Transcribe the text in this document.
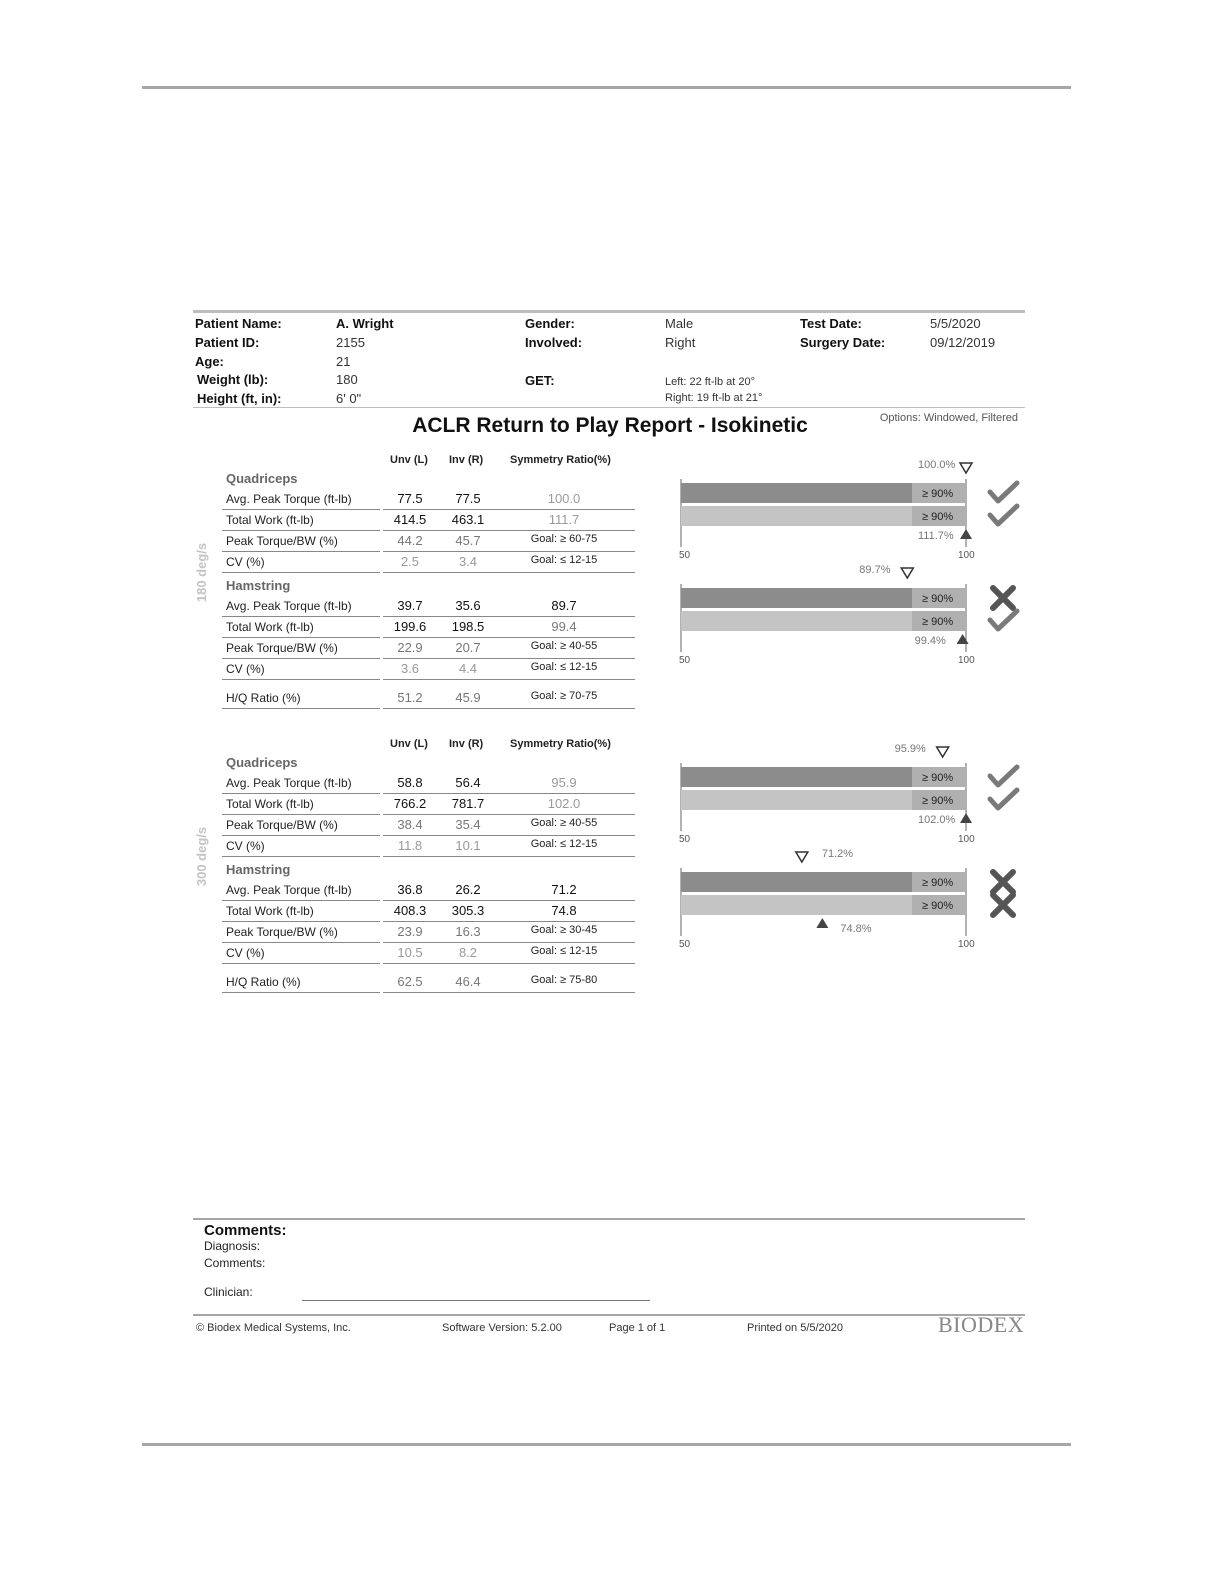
Patient Name:	A. Wright
Patient ID:	2155
Age:	21
Weight (lb):	180
Height (ft, in):	6' 0"
Gender:	Male
Involved:	Right
GET:	Left: 22 ft-lb at 20°
Right: 19 ft-lb at 21°
Test Date:	5/5/2020
Surgery Date:	09/12/2019
ACLR Return to Play Report - Isokinetic	Options: Windowed, Filtered
Unv (L) Inv (R) Symmetry Ratio(%)
Quadriceps
180 deg/s
Avg. Peak Torque (ft-lb)	77.5	77.5	100.0
Total Work (ft-lb)	414.5	463.1	111.7
Peak Torque/BW (%)	44.2	45.7	Goal: ≥ 60-75
CV (%)	2.5	3.4	Goal: ≤ 12-15
Hamstring
Avg. Peak Torque (ft-lb)	39.7	35.6	89.7
Total Work (ft-lb)	199.6	198.5	99.4
Peak Torque/BW (%)	22.9	20.7	Goal: ≥ 40-55
CV (%)	3.6	4.4	Goal: ≤ 12-15
H/Q Ratio (%)	51.2	45.9	Goal: ≥ 70-75
Unv (L) Inv (R) Symmetry Ratio(%)
Quadriceps
300 deg/s
Avg. Peak Torque (ft-lb)	58.8	56.4	95.9
Total Work (ft-lb)	766.2	781.7	102.0
Peak Torque/BW (%)	38.4	35.4	Goal: ≥ 40-55
CV (%)	11.8	10.1	Goal: ≤ 12-15
Hamstring
Avg. Peak Torque (ft-lb)	36.8	26.2	71.2
Total Work (ft-lb)	408.3	305.3	74.8
Peak Torque/BW (%)	23.9	16.3	Goal: ≥ 30-45
CV (%)	10.5	8.2	Goal: ≤ 12-15
H/Q Ratio (%)	62.5	46.4	Goal: ≥ 75-80
50	100
≥ 90%
100.0%
≥ 90%
111.7%
50	100
≥ 90%
89.7%
≥ 90%
99.4%
50	100
≥ 90%
95.9%
≥ 90%
102.0%
50	100
≥ 90%
71.2%
≥ 90%
74.8%
Comments:
Diagnosis:
Comments:
Clinician:
© Biodex Medical Systems, Inc.	Software Version: 5.2.00	Page 1 of 1	Printed on 5/5/2020	BIODEX
